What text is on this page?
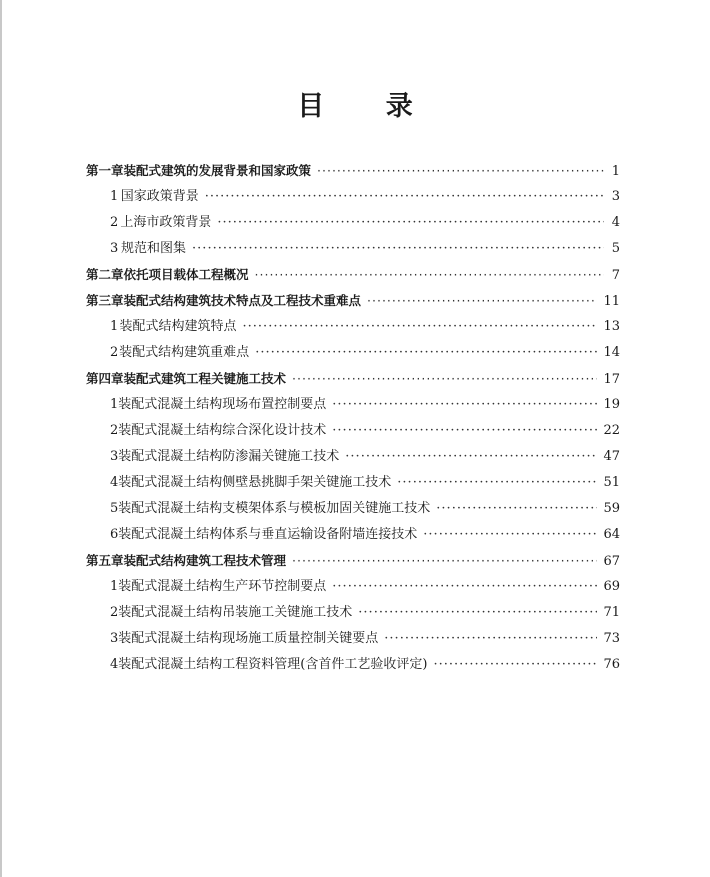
目 录
第一章 装配式建筑的发展背景和国家政策 ·····	1
1 国家政策背景 ·····	3
2 上海市政策背景 ·····	4
3 规范和图集 ·····	5
第二章 依托项目载体工程概况 ·····	7
第三章 装配式结构建筑技术特点及工程技术重难点 ·····	11
1 装配式结构建筑特点 ·····	13
2 装配式结构建筑重难点 ·····	14
第四章 装配式建筑工程关键施工技术 ·····	17
1 装配式混凝土结构现场布置控制要点 ·····	19
2 装配式混凝土结构综合深化设计技术 ·····	22
3 装配式混凝土结构防渗漏关键施工技术 ·····	47
4 装配式混凝土结构侧壁悬挑脚手架关键施工技术 ·····	51
5 装配式混凝土结构支模架体系与模板加固关键施工技术 ·····	59
6 装配式混凝土结构体系与垂直运输设备附墙连接技术 ·····	64
第五章 装配式结构建筑工程技术管理 ·····	67
1 装配式混凝土结构生产环节控制要点 ·····	69
2 装配式混凝土结构吊装施工关键施工技术 ·····	71
3 装配式混凝土结构现场施工质量控制关键要点 ·····	73
4 装配式混凝土结构工程资料管理(含首件工艺验收评定) ·····	76
